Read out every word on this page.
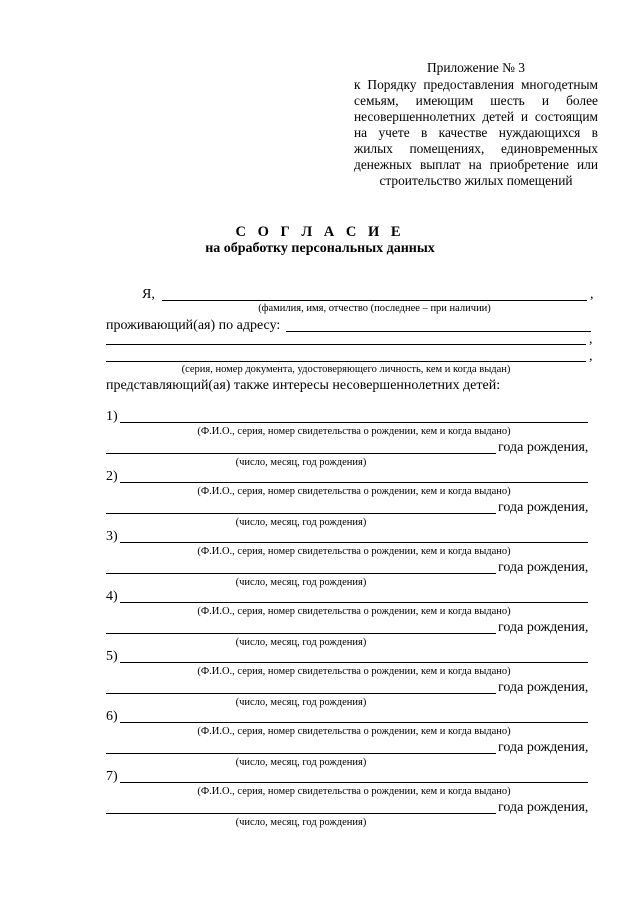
Приложение № 3
к Порядку предоставления многодетным семьям, имеющим шесть и более несовершеннолетних детей и состоящим на учете в качестве нуждающихся в жилых помещениях, единовременных денежных выплат на приобретение или строительство жилых помещений
С О Г Л А С И Е
на обработку персональных данных
Я,	,
(фамилия, имя, отчество (последнее – при наличии)
проживающий(ая) по адресу:
,
,
(серия, номер документа, удостоверяющего личность, кем и когда выдан)
представляющий(ая) также интересы несовершеннолетних детей:
1)
(Ф.И.О., серия, номер свидетельства о рождении, кем и когда выдано)
года рождения,
(число, месяц, год рождения)
2)
(Ф.И.О., серия, номер свидетельства о рождении, кем и когда выдано)
года рождения,
(число, месяц, год рождения)
3)
(Ф.И.О., серия, номер свидетельства о рождении, кем и когда выдано)
года рождения,
(число, месяц, год рождения)
4)
(Ф.И.О., серия, номер свидетельства о рождении, кем и когда выдано)
года рождения,
(число, месяц, год рождения)
5)
(Ф.И.О., серия, номер свидетельства о рождении, кем и когда выдано)
года рождения,
(число, месяц, год рождения)
6)
(Ф.И.О., серия, номер свидетельства о рождении, кем и когда выдано)
года рождения,
(число, месяц, год рождения)
7)
(Ф.И.О., серия, номер свидетельства о рождении, кем и когда выдано)
года рождения,
(число, месяц, год рождения)
